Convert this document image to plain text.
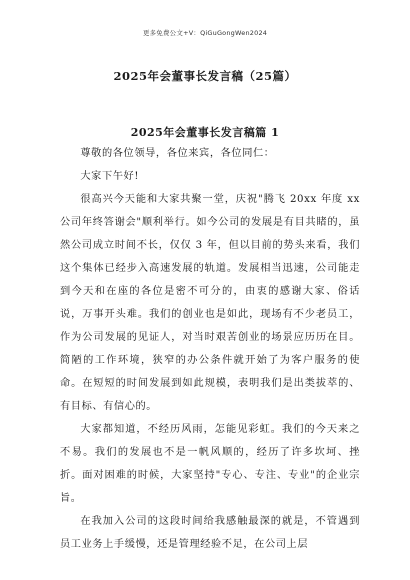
更多免费公文+V：QiGuGongWen2024
2025年会董事长发言稿（25篇）
2025年会董事长发言稿篇 1

尊敬的各位领导，各位来宾，各位同仁：

大家下午好!

很高兴今天能和大家共聚一堂，庆祝"腾飞 20xx 年度 xx 公司年终答谢会"顺利举行。如今公司的发展是有目共睹的，虽然公司成立时间不长，仅仅 3 年，但以目前的势头来看，我们这个集体已经步入高速发展的轨道。发展相当迅速，公司能走到今天和在座的各位是密不可分的，由衷的感谢大家、俗话说，万事开头难。我们的创业也是如此，现场有不少老员工，作为公司发展的见证人，对当时艰苦创业的场景应历历在目。简陋的工作环境，狭窄的办公条件就开始了为客户服务的使命。在短短的时间发展到如此规模，表明我们是出类拔萃的、有目标、有信心的。

大家都知道，不经历风雨，怎能见彩虹。我们的今天来之不易。我们的发展也不是一帆风顺的，经历了许多坎坷、挫折。面对困难的时候，大家坚持"专心、专注、专业"的企业宗旨。

在我加入公司的这段时间给我感触最深的就是，不管遇到员工业务上手缓慢，还是管理经验不足，在公司上层
